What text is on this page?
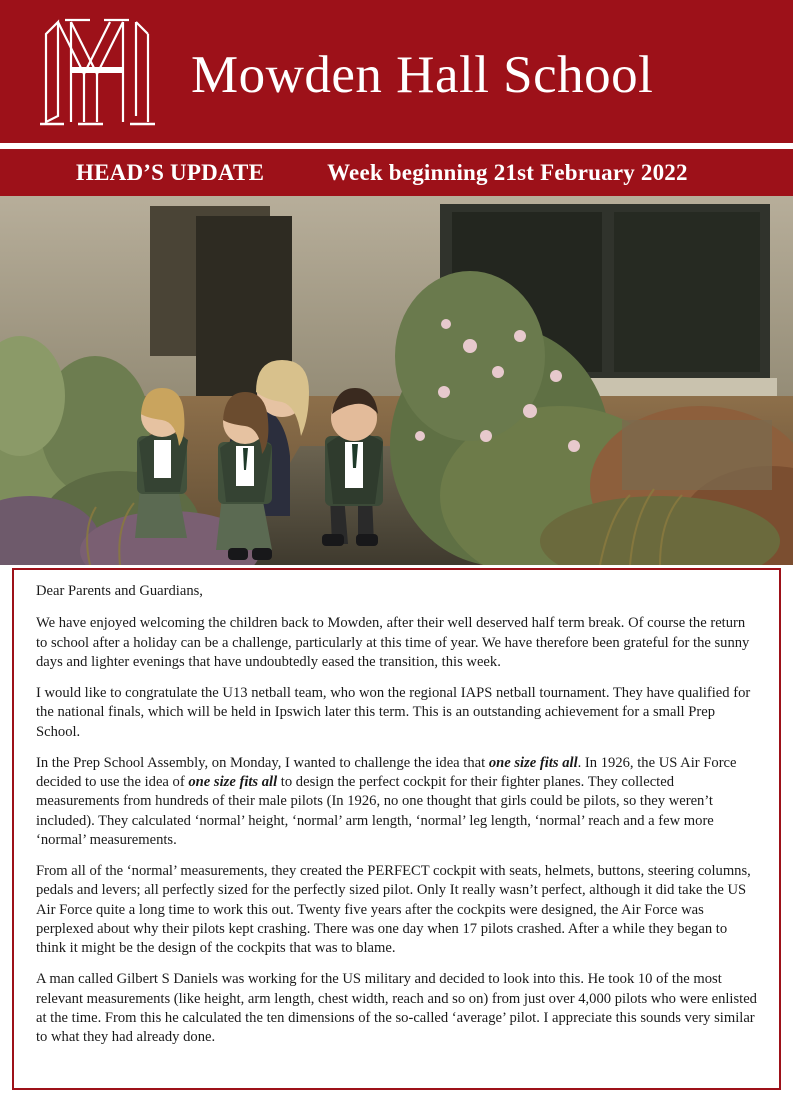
Mowden Hall School
HEAD’S UPDATE	Week beginning 21st February 2022

Dear Parents and Guardians,

We have enjoyed welcoming the children back to Mowden, after their well deserved half term break. Of course the return to school after a holiday can be a challenge, particularly at this time of year. We have therefore been grateful for the sunny days and lighter evenings that have undoubtedly eased the transition, this week.

I would like to congratulate the U13 netball team, who won the regional IAPS netball tournament. They have qualified for the national finals, which will be held in Ipswich later this term. This is an outstanding achievement for a small Prep School.

In the Prep School Assembly, on Monday, I wanted to challenge the idea that one size fits all. In 1926, the US Air Force decided to use the idea of one size fits all to design the perfect cockpit for their fighter planes. They collected measurements from hundreds of their male pilots (In 1926, no one thought that girls could be pilots, so they weren’t included). They calculated ‘normal’ height, ‘normal’ arm length, ‘normal’ leg length, ‘normal’ reach and a few more ‘normal’ measurements.

From all of the ‘normal’ measurements, they created the PERFECT cockpit with seats, helmets, buttons, steering columns, pedals and levers; all perfectly sized for the perfectly sized pilot. Only It really wasn’t perfect, although it did take the US Air Force quite a long time to work this out. Twenty five years after the cockpits were designed, the Air Force was perplexed about why their pilots kept crashing. There was one day when 17 pilots crashed. After a while they began to think it might be the design of the cockpits that was to blame.

A man called Gilbert S Daniels was working for the US military and decided to look into this. He took 10 of the most relevant measurements (like height, arm length, chest width, reach and so on) from just over 4,000 pilots who were enlisted at the time. From this he calculated the ten dimensions of the so-called ‘average’ pilot. I appreciate this sounds very similar to what they had already done.
